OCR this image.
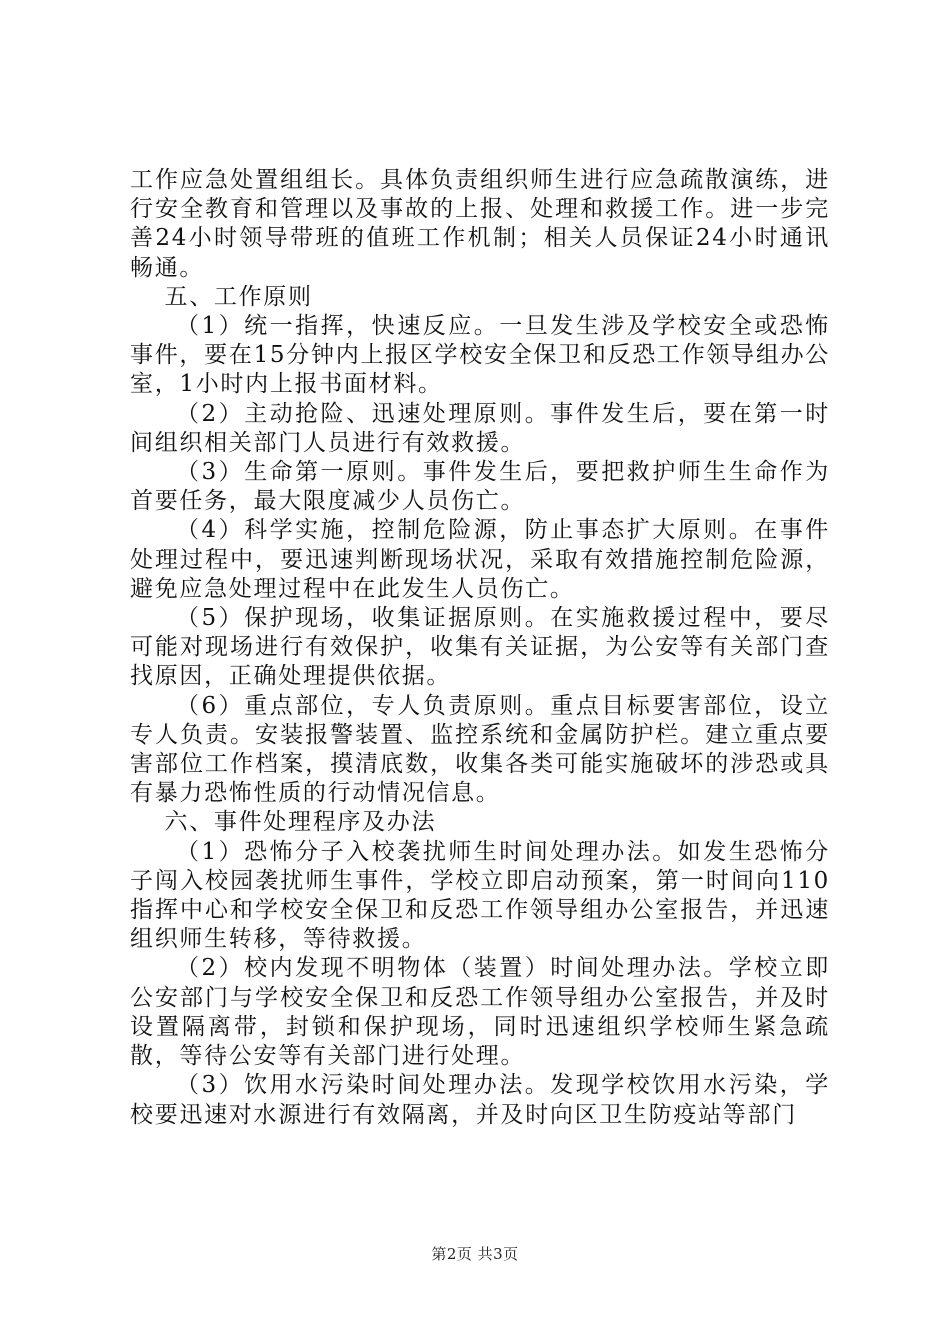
工作应急处置组组长。具体负责组织师生进行应急疏散演练，进行安全教育和管理以及事故的上报、处理和救援工作。进一步完善24小时领导带班的值班工作机制；相关人员保证24小时通讯畅通。

五、工作原则

（1）统一指挥，快速反应。一旦发生涉及学校安全或恐怖事件，要在15分钟内上报区学校安全保卫和反恐工作领导组办公室，1小时内上报书面材料。

（2）主动抢险、迅速处理原则。事件发生后，要在第一时间组织相关部门人员进行有效救援。

（3）生命第一原则。事件发生后，要把救护师生生命作为首要任务，最大限度减少人员伤亡。

（4）科学实施，控制危险源，防止事态扩大原则。在事件处理过程中，要迅速判断现场状况，采取有效措施控制危险源，避免应急处理过程中在此发生人员伤亡。

（5）保护现场，收集证据原则。在实施救援过程中，要尽可能对现场进行有效保护，收集有关证据，为公安等有关部门查找原因，正确处理提供依据。

（6）重点部位，专人负责原则。重点目标要害部位，设立专人负责。安装报警装置、监控系统和金属防护栏。建立重点要害部位工作档案，摸清底数，收集各类可能实施破坏的涉恐或具有暴力恐怖性质的行动情况信息。

六、事件处理程序及办法

（1）恐怖分子入校袭扰师生时间处理办法。如发生恐怖分子闯入校园袭扰师生事件，学校立即启动预案，第一时间向110指挥中心和学校安全保卫和反恐工作领导组办公室报告，并迅速组织师生转移，等待救援。

（2）校内发现不明物体（装置）时间处理办法。学校立即公安部门与学校安全保卫和反恐工作领导组办公室报告，并及时设置隔离带，封锁和保护现场，同时迅速组织学校师生紧急疏散，等待公安等有关部门进行处理。

（3）饮用水污染时间处理办法。发现学校饮用水污染，学校要迅速对水源进行有效隔离，并及时向区卫生防疫站等部门

第2页 共3页
